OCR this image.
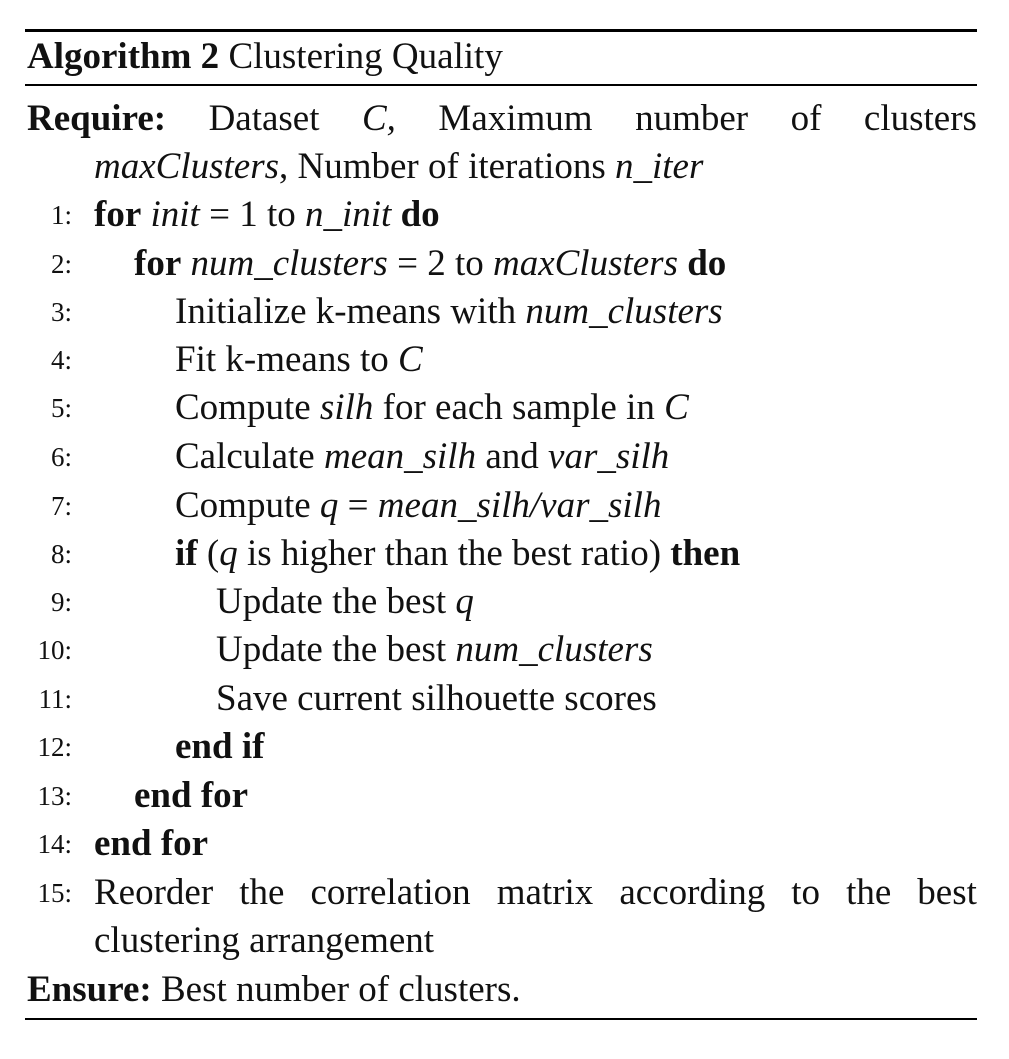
Algorithm 2 Clustering Quality
Require: Dataset C, Maximum number of clusters
maxClusters, Number of iterations n_iter
1: for init = 1 to n_init do
2: for num_clusters = 2 to maxClusters do
3:	Initialize k-means with num_clusters
4:	Fit k-means to C
5:	Compute silh for each sample in C
6:	Calculate mean_silh and var_silh
7:	Compute q = mean_silh/var_silh
8:	if (q is higher than the best ratio) then
9:	Update the best q
10:	Update the best num_clusters
11:	Save current silhouette scores
12:	end if
13: end for
14: end for
15: Reorder the correlation matrix according to the best
clustering arrangement
Ensure: Best number of clusters.
